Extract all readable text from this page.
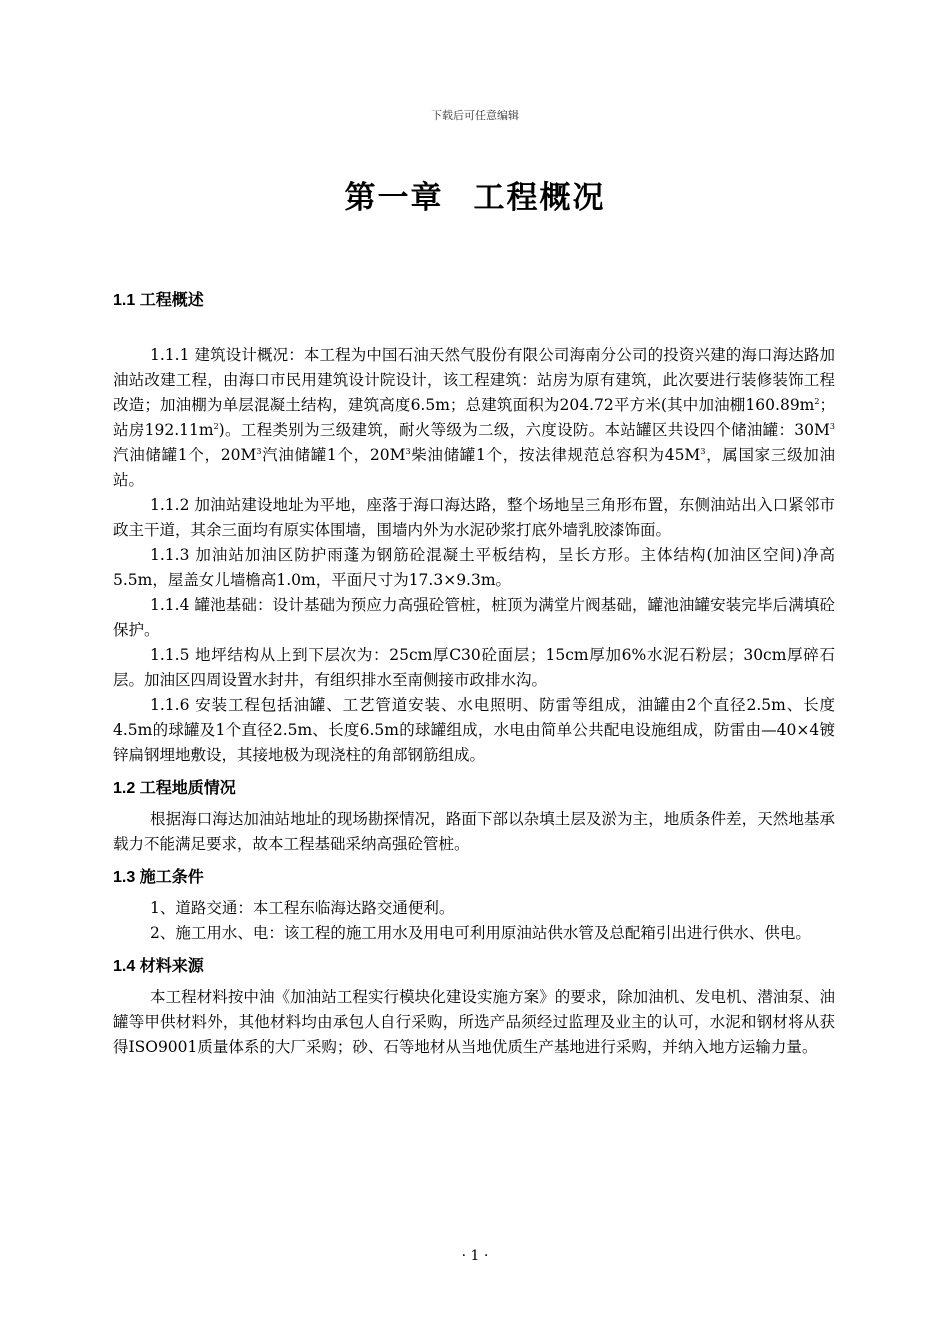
下载后可任意编辑
第一章 工程概况
1.1 工程概述

1.1.1 建筑设计概况：本工程为中国石油天然气股份有限公司海南分公司的投资兴建的海口海达路加油站改建工程，由海口市民用建筑设计院设计，该工程建筑：站房为原有建筑，此次要进行装修装饰工程改造；加油棚为单层混凝土结构，建筑高度6.5m；总建筑面积为204.72平方米(其中加油棚$160.89m^2$；站房$192.11m^2$)。工程类别为三级建筑，耐火等级为二级，六度设防。本站罐区共设四个储油罐：$30M^3$汽油储罐1个，$20M^3$汽油储罐1个，$20M^3$柴油储罐1个，按法律规范总容积为$45M^3$，属国家三级加油站。

1.1.2 加油站建设地址为平地，座落于海口海达路，整个场地呈三角形布置，东侧油站出入口紧邻市政主干道，其余三面均有原实体围墙，围墙内外为水泥砂浆打底外墙乳胶漆饰面。

1.1.3 加油站加油区防护雨蓬为钢筋砼混凝土平板结构，呈长方形。主体结构(加油区空间)净高5.5m，屋盖女儿墙檐高1.0m，平面尺寸为17.3×9.3m。

1.1.4 罐池基础：设计基础为预应力高强砼管桩，桩顶为满堂片阀基础，罐池油罐安装完毕后满填砼保护。

1.1.5 地坪结构从上到下层次为：25cm厚C30砼面层；15cm厚加6%水泥石粉层；30cm厚碎石层。加油区四周设置水封井，有组织排水至南侧接市政排水沟。

1.1.6 安装工程包括油罐、工艺管道安装、水电照明、防雷等组成，油罐由2个直径2.5m、长度4.5m的球罐及1个直径2.5m、长度6.5m的球罐组成，水电由简单公共配电设施组成，防雷由—40×4镀锌扁钢埋地敷设，其接地极为现浇柱的角部钢筋组成。

1.2 工程地质情况

根据海口海达加油站地址的现场勘探情况，路面下部以杂填土层及淤为主，地质条件差，天然地基承载力不能满足要求，故本工程基础采纳高强砼管桩。

1.3 施工条件

1、道路交通：本工程东临海达路交通便利。

2、施工用水、电：该工程的施工用水及用电可利用原油站供水管及总配箱引出进行供水、供电。

1.4 材料来源

本工程材料按中油《加油站工程实行模块化建设实施方案》的要求，除加油机、发电机、潜油泵、油罐等甲供材料外，其他材料均由承包人自行采购，所选产品须经过监理及业主的认可，水泥和钢材将从获得ISO9001质量体系的大厂采购；砂、石等地材从当地优质生产基地进行采购，并纳入地方运输力量。

· 1 ·
